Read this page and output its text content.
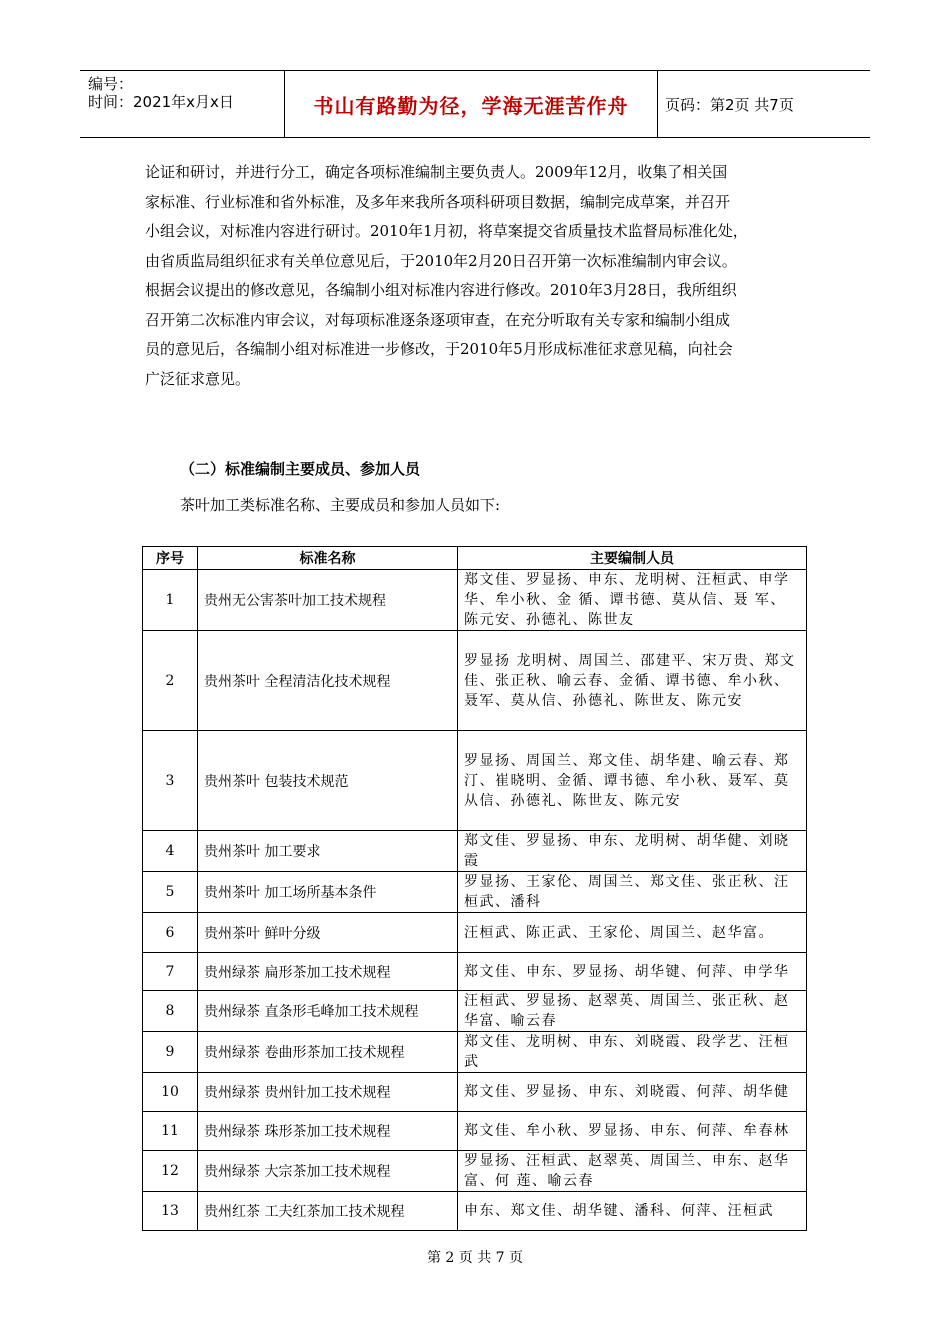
编号：
时间：2021年x月x日	书山有路勤为径，学海无涯苦作舟	页码：第2页 共7页
论证和研讨，并进行分工，确定各项标准编制主要负责人。2009年12月，收集了相关国
家标准、行业标准和省外标准，及多年来我所各项科研项目数据，编制完成草案，并召开
小组会议，对标准内容进行研讨。2010年1月初，将草案提交省质量技术监督局标准化处，
由省质监局组织征求有关单位意见后，于2010年2月20日召开第一次标准编制内审会议。
根据会议提出的修改意见，各编制小组对标准内容进行修改。2010年3月28日，我所组织
召开第二次标准内审会议，对每项标准逐条逐项审查，在充分听取有关专家和编制小组成
员的意见后，各编制小组对标准进一步修改，于2010年5月形成标准征求意见稿，向社会
广泛征求意见。
（二）标准编制主要成员、参加人员
茶叶加工类标准名称、主要成员和参加人员如下:
序号	标准名称	主要编制人员
1	贵州无公害茶叶加工技术规程	郑文佳、罗显扬、申东、龙明树、汪桓武、申学华、牟小秋、金 循、谭书德、莫从信、聂 军、陈元安、孙德礼、陈世友
2	贵州茶叶 全程清洁化技术规程	罗显扬 龙明树、周国兰、邵建平、宋万贵、郑文佳、张正秋、喻云春、金循、谭书德、牟小秋、聂军、莫从信、孙德礼、陈世友、陈元安
3	贵州茶叶 包装技术规范	罗显扬、周国兰、郑文佳、胡华建、喻云春、郑 汀、崔晓明、金循、谭书德、牟小秋、聂军、莫从信、孙德礼、陈世友、陈元安
4	贵州茶叶 加工要求	郑文佳、罗显扬、申东、龙明树、胡华健、刘晓霞
5	贵州茶叶 加工场所基本条件	罗显扬、王家伦、周国兰、郑文佳、张正秋、汪桓武、潘科
6	贵州茶叶 鲜叶分级	汪桓武、陈正武、王家伦、周国兰、赵华富。
7	贵州绿茶 扁形茶加工技术规程	郑文佳、申东、罗显扬、胡华键、何萍、申学华
8	贵州绿茶 直条形毛峰加工技术规程	汪桓武、罗显扬、赵翠英、周国兰、张正秋、赵华富、喻云春
9	贵州绿茶 卷曲形茶加工技术规程	郑文佳、龙明树、申东、刘晓霞、段学艺、汪桓武
10	贵州绿茶 贵州针加工技术规程	郑文佳、罗显扬、申东、刘晓霞、何萍、胡华健
11	贵州绿茶 珠形茶加工技术规程	郑文佳、牟小秋、罗显扬、申东、何萍、牟春林
12	贵州绿茶 大宗茶加工技术规程	罗显扬、汪桓武、赵翠英、周国兰、申东、赵华富、何 莲、喻云春
13	贵州红茶 工夫红茶加工技术规程	申东、郑文佳、胡华键、潘科、何萍、汪桓武
第 2 页 共 7 页
